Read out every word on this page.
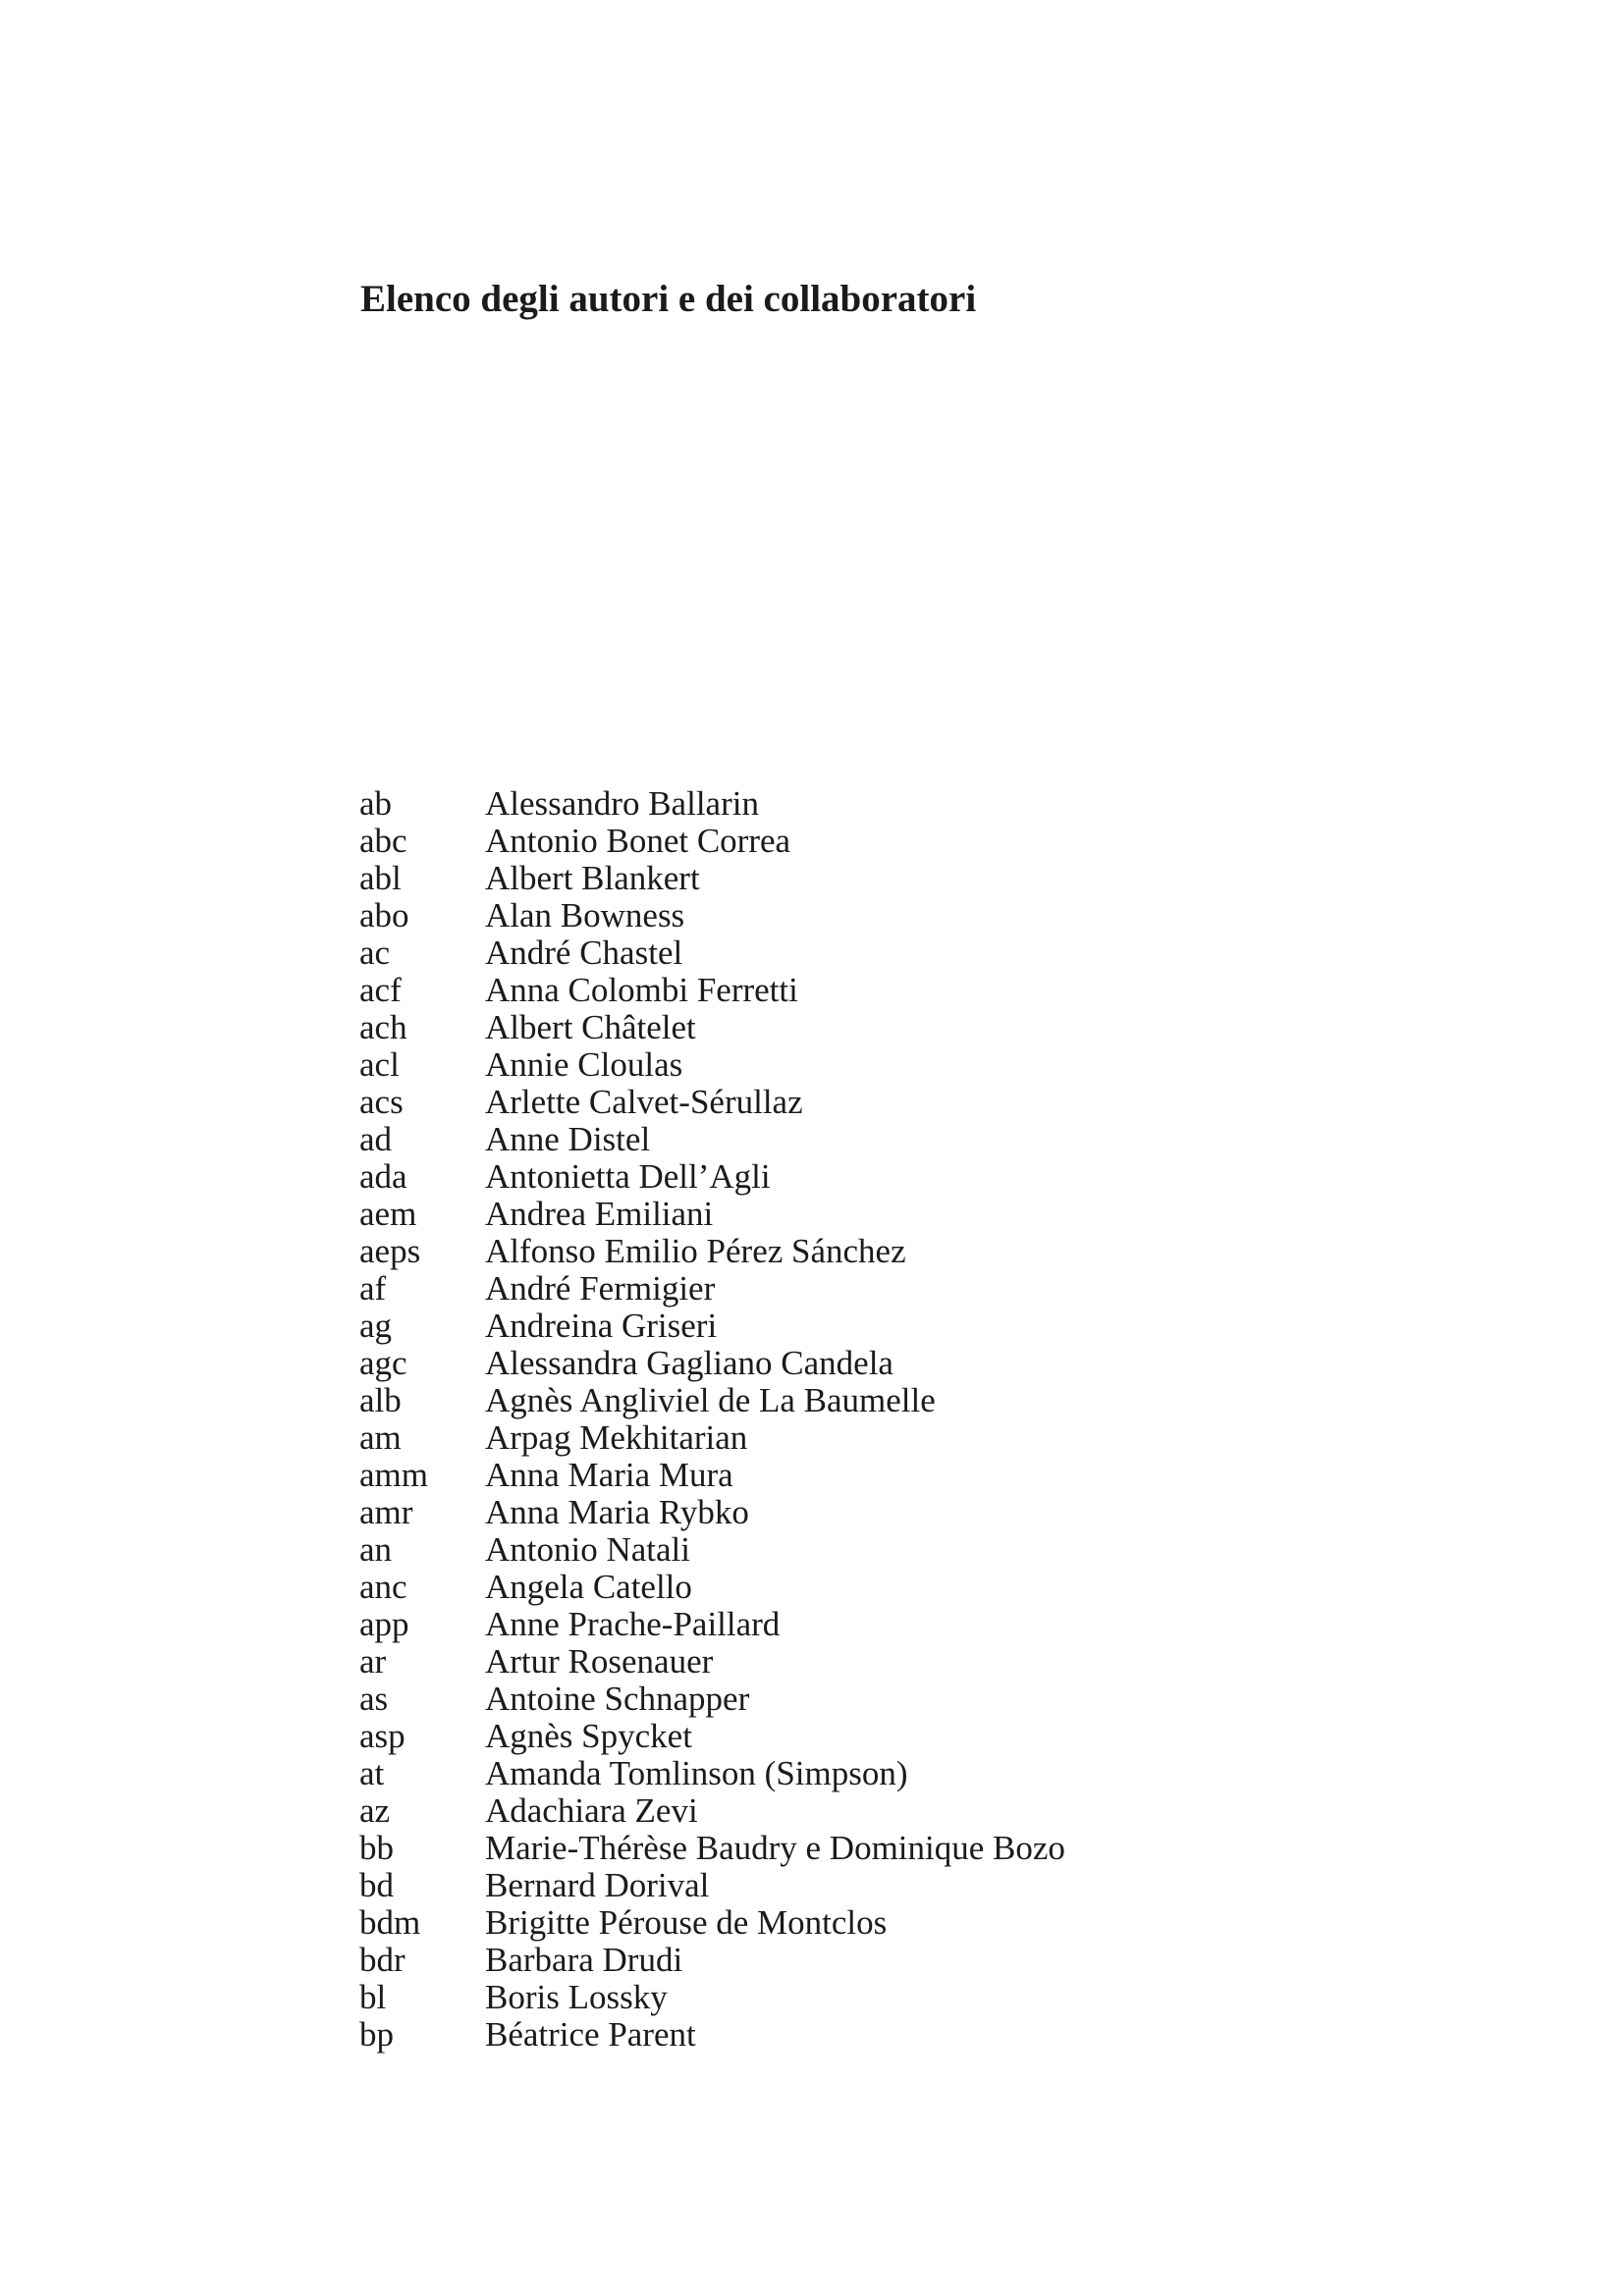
Elenco degli autori e dei collaboratori
ab	Alessandro Ballarin
abc	Antonio Bonet Correa
abl	Albert Blankert
abo	Alan Bowness
ac	André Chastel
acf	Anna Colombi Ferretti
ach	Albert Châtelet
acl	Annie Cloulas
acs	Arlette Calvet-Sérullaz
ad	Anne Distel
ada	Antonietta Dell’Agli
aem	Andrea Emiliani
aeps	Alfonso Emilio Pérez Sánchez
af	André Fermigier
ag	Andreina Griseri
agc	Alessandra Gagliano Candela
alb	Agnès Angliviel de La Baumelle
am	Arpag Mekhitarian
amm	Anna Maria Mura
amr	Anna Maria Rybko
an	Antonio Natali
anc	Angela Catello
app	Anne Prache-Paillard
ar	Artur Rosenauer
as	Antoine Schnapper
asp	Agnès Spycket
at	Amanda Tomlinson (Simpson)
az	Adachiara Zevi
bb	Marie-Thérèse Baudry e Dominique Bozo
bd	Bernard Dorival
bdm	Brigitte Pérouse de Montclos
bdr	Barbara Drudi
bl	Boris Lossky
bp	Béatrice Parent
